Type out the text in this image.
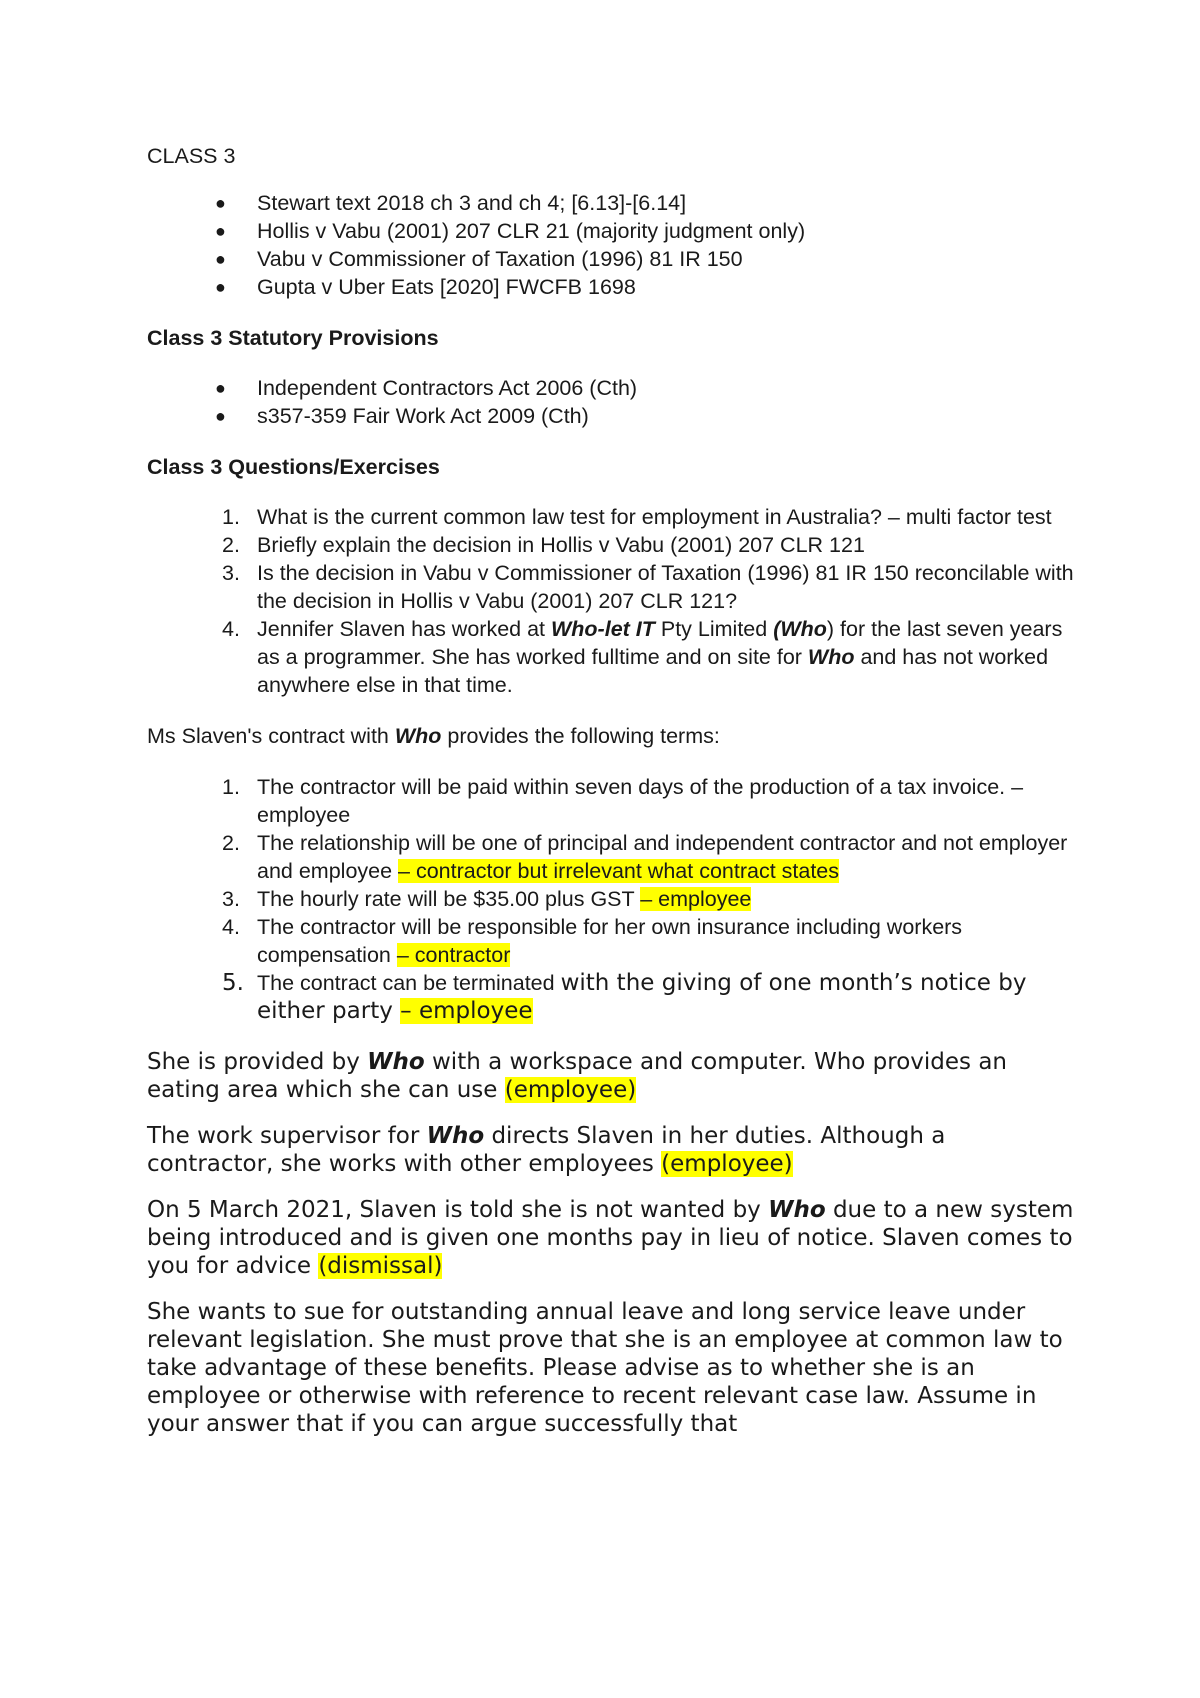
CLASS 3

● Stewart text 2018 ch 3 and ch 4; [6.13]-[6.14]
● Hollis v Vabu (2001) 207 CLR 21 (majority judgment only)
● Vabu v Commissioner of Taxation (1996) 81 IR 150
● Gupta v Uber Eats [2020] FWCFB 1698

Class 3 Statutory Provisions

● Independent Contractors Act 2006 (Cth)
● s357-359 Fair Work Act 2009 (Cth)

Class 3 Questions/Exercises

1. What is the current common law test for employment in Australia? – multi factor test
2. Briefly explain the decision in Hollis v Vabu (2001) 207 CLR 121
3. Is the decision in Vabu v Commissioner of Taxation (1996) 81 IR 150 reconcilable with the decision in Hollis v Vabu (2001) 207 CLR 121?
4. Jennifer Slaven has worked at Who-let IT Pty Limited (Who) for the last seven years as a programmer. She has worked fulltime and on site for Who and has not worked anywhere else in that time.

Ms Slaven's contract with Who provides the following terms:

1. The contractor will be paid within seven days of the production of a tax invoice. – employee
2. The relationship will be one of principal and independent contractor and not employer and employee – contractor but irrelevant what contract states
3. The hourly rate will be $35.00 plus GST – employee
4. The contractor will be responsible for her own insurance including workers compensation – contractor
5. The contract can be terminated with the giving of one month’s notice by either party – employee

She is provided by Who with a workspace and computer. Who provides an eating area which she can use (employee)

The work supervisor for Who directs Slaven in her duties. Although a contractor, she works with other employees (employee)

On 5 March 2021, Slaven is told she is not wanted by Who due to a new system being introduced and is given one months pay in lieu of notice. Slaven comes to you for advice (dismissal)

She wants to sue for outstanding annual leave and long service leave under relevant legislation. She must prove that she is an employee at common law to take advantage of these benefits. Please advise as to whether she is an employee or otherwise with reference to recent relevant case law. Assume in your answer that if you can argue successfully that
